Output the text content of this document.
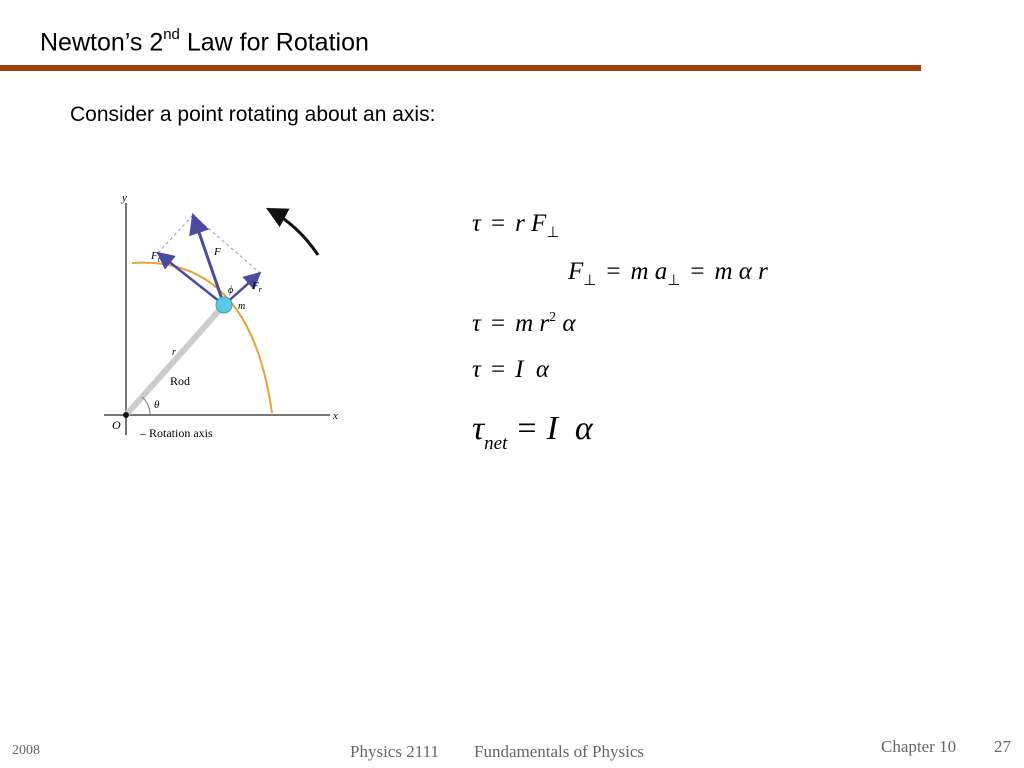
Newton’s 2nd Law for Rotation
Consider a point rotating about an axis:
y
x
m
ϕ
F
$F_t$
$F_r$
r
Rod
θ
O
– Rotation axis
τ = r $F_\perp$
$F_\perp = m$ $a_\perp = m$ α r
τ = m $r^2$ α
τ = I α
$\tau_{net} = I$ α
2008	Physics 2111 Fundamentals of Physics	Chapter 10 27
